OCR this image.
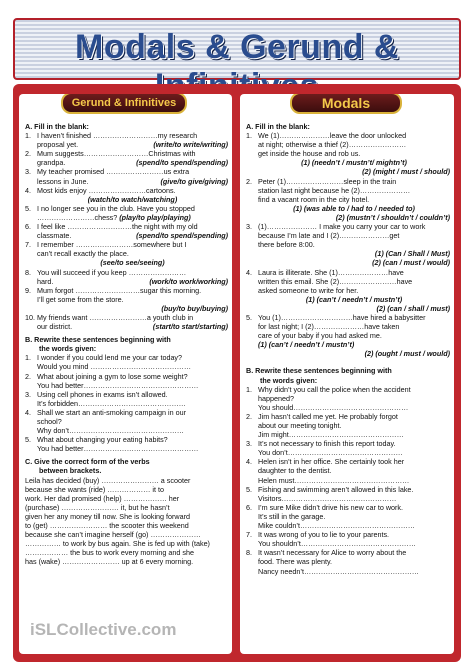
Modals & Gerund &
Gerund & Infinitives
A. Fill in the blank:
1. I haven’t finished ………………………my research
proposal yet.	(write/to write/writing)
2. Mum suggests………………………Christmas with
grandpa.	(spend/to spend/spending)
3. My teacher promised ……………………us extra
lessons in June.	(give/to give/giving)
4. Most kids enjoy ……………………cartoons.
(watch/to watch/watching)
5. I no longer see you in the club. Have you stopped
……………………chess? (play/to play/playing)
6. I feel like ………………………the night with my old
classmate.	(spend/to spend/spending)
7. I remember ……………………somewhere but I
can’t recall exactly the place.
(see/to see/seeing)
8. You will succeed if you keep ……………………
hard.	(work/to work/working)
9. Mum forgot ………………………sugar this morning.
I’ll get some from the store.
(buy/to buy/buying)
10. My friends want ……………………a youth club in
our district.	(start/to start/starting)
B. Rewrite these sentences beginning with
the words given:
1. I wonder if you could lend me your car today?
Would you mind ……………………………………
2. What about joining a gym to lose some weight?
You had better…………………………………………
3. Using cell phones in exams isn’t allowed.
It’s forbidden………………………………………
4. Shall we start an anti-smoking campaign in our
school?
Why don’t…………………………………………
5. What about changing your eating habits?
You had better…………………………………………
C. Give the correct form of the verbs
between brackets.
Leila has decided (buy) …………………… a scooter
because she wants (ride) ……………… it to
work. Her dad promised (help) ……………… her
(purchase) …………………… it, but he hasn’t
given her any money till now. She is looking forward
to (get) …………………… the scooter this weekend
because she can’t imagine herself (go) …………………
…………… to work by bus again. She is fed up with (take)
……………… the bus to work every morning and she
has (wake) …………………… up at 6 every morning.
Modals
A. Fill in the blank:
1. We (1)…………………leave the door unlocked
at night; otherwise a thief (2)……………………
get inside the house and rob us.
(1) (needn’t / mustn’t/ mightn’t)
(2) (might / must / should)
2. Peter (1)……………………sleep in the train
station last night because he (2)…………………
find a vacant room in the city hotel.
(1) (was able to / had to / needed to)
(2) (mustn’t / shouldn’t / couldn’t)
3. (1)………………… I make you carry your car to work
because I’m late and I (2)…………………get
there before 8:00.
(1) (Can / Shall / Must)
(2) (can / must / would)
4. Laura is illiterate. She (1)…………………have
written this email. She (2)……………………have
asked someone to write for her.
(1) (can’t / needn’t / mustn’t)
(2) (can / shall / must)
5. You (1)…………………………have hired a babysitter
for last night; I (2)…………………have taken
care of your baby if you had asked me.
(1) (can’t / needn’t / mustn’t)
(2) (ought / must / would)
B. Rewrite these sentences beginning with
the words given:
1. Why didn’t you call the police when the accident
happened?
You should…………………………………………
2. Jim hasn’t called me yet. He probably forgot
about our meeting tonight.
Jim might…………………………………………
3. It’s not necessary to finish this report today.
You don’t…………………………………………
4. Helen isn’t in her office. She certainly took her
daughter to the dentist.
Helen must…………………………………………
5. Fishing and swimming aren’t allowed in this lake.
Visitors…………………………………………
6. I’m sure Mike didn’t drive his new car to work.
It’s still in the garage.
Mike couldn’t…………………………………………
7. It was wrong of you to lie to your parents.
You shouldn’t…………………………………………
8. It wasn’t necessary for Alice to worry about the
food. There was plenty.
Nancy needn’t…………………………………………
iSLCollective.com
